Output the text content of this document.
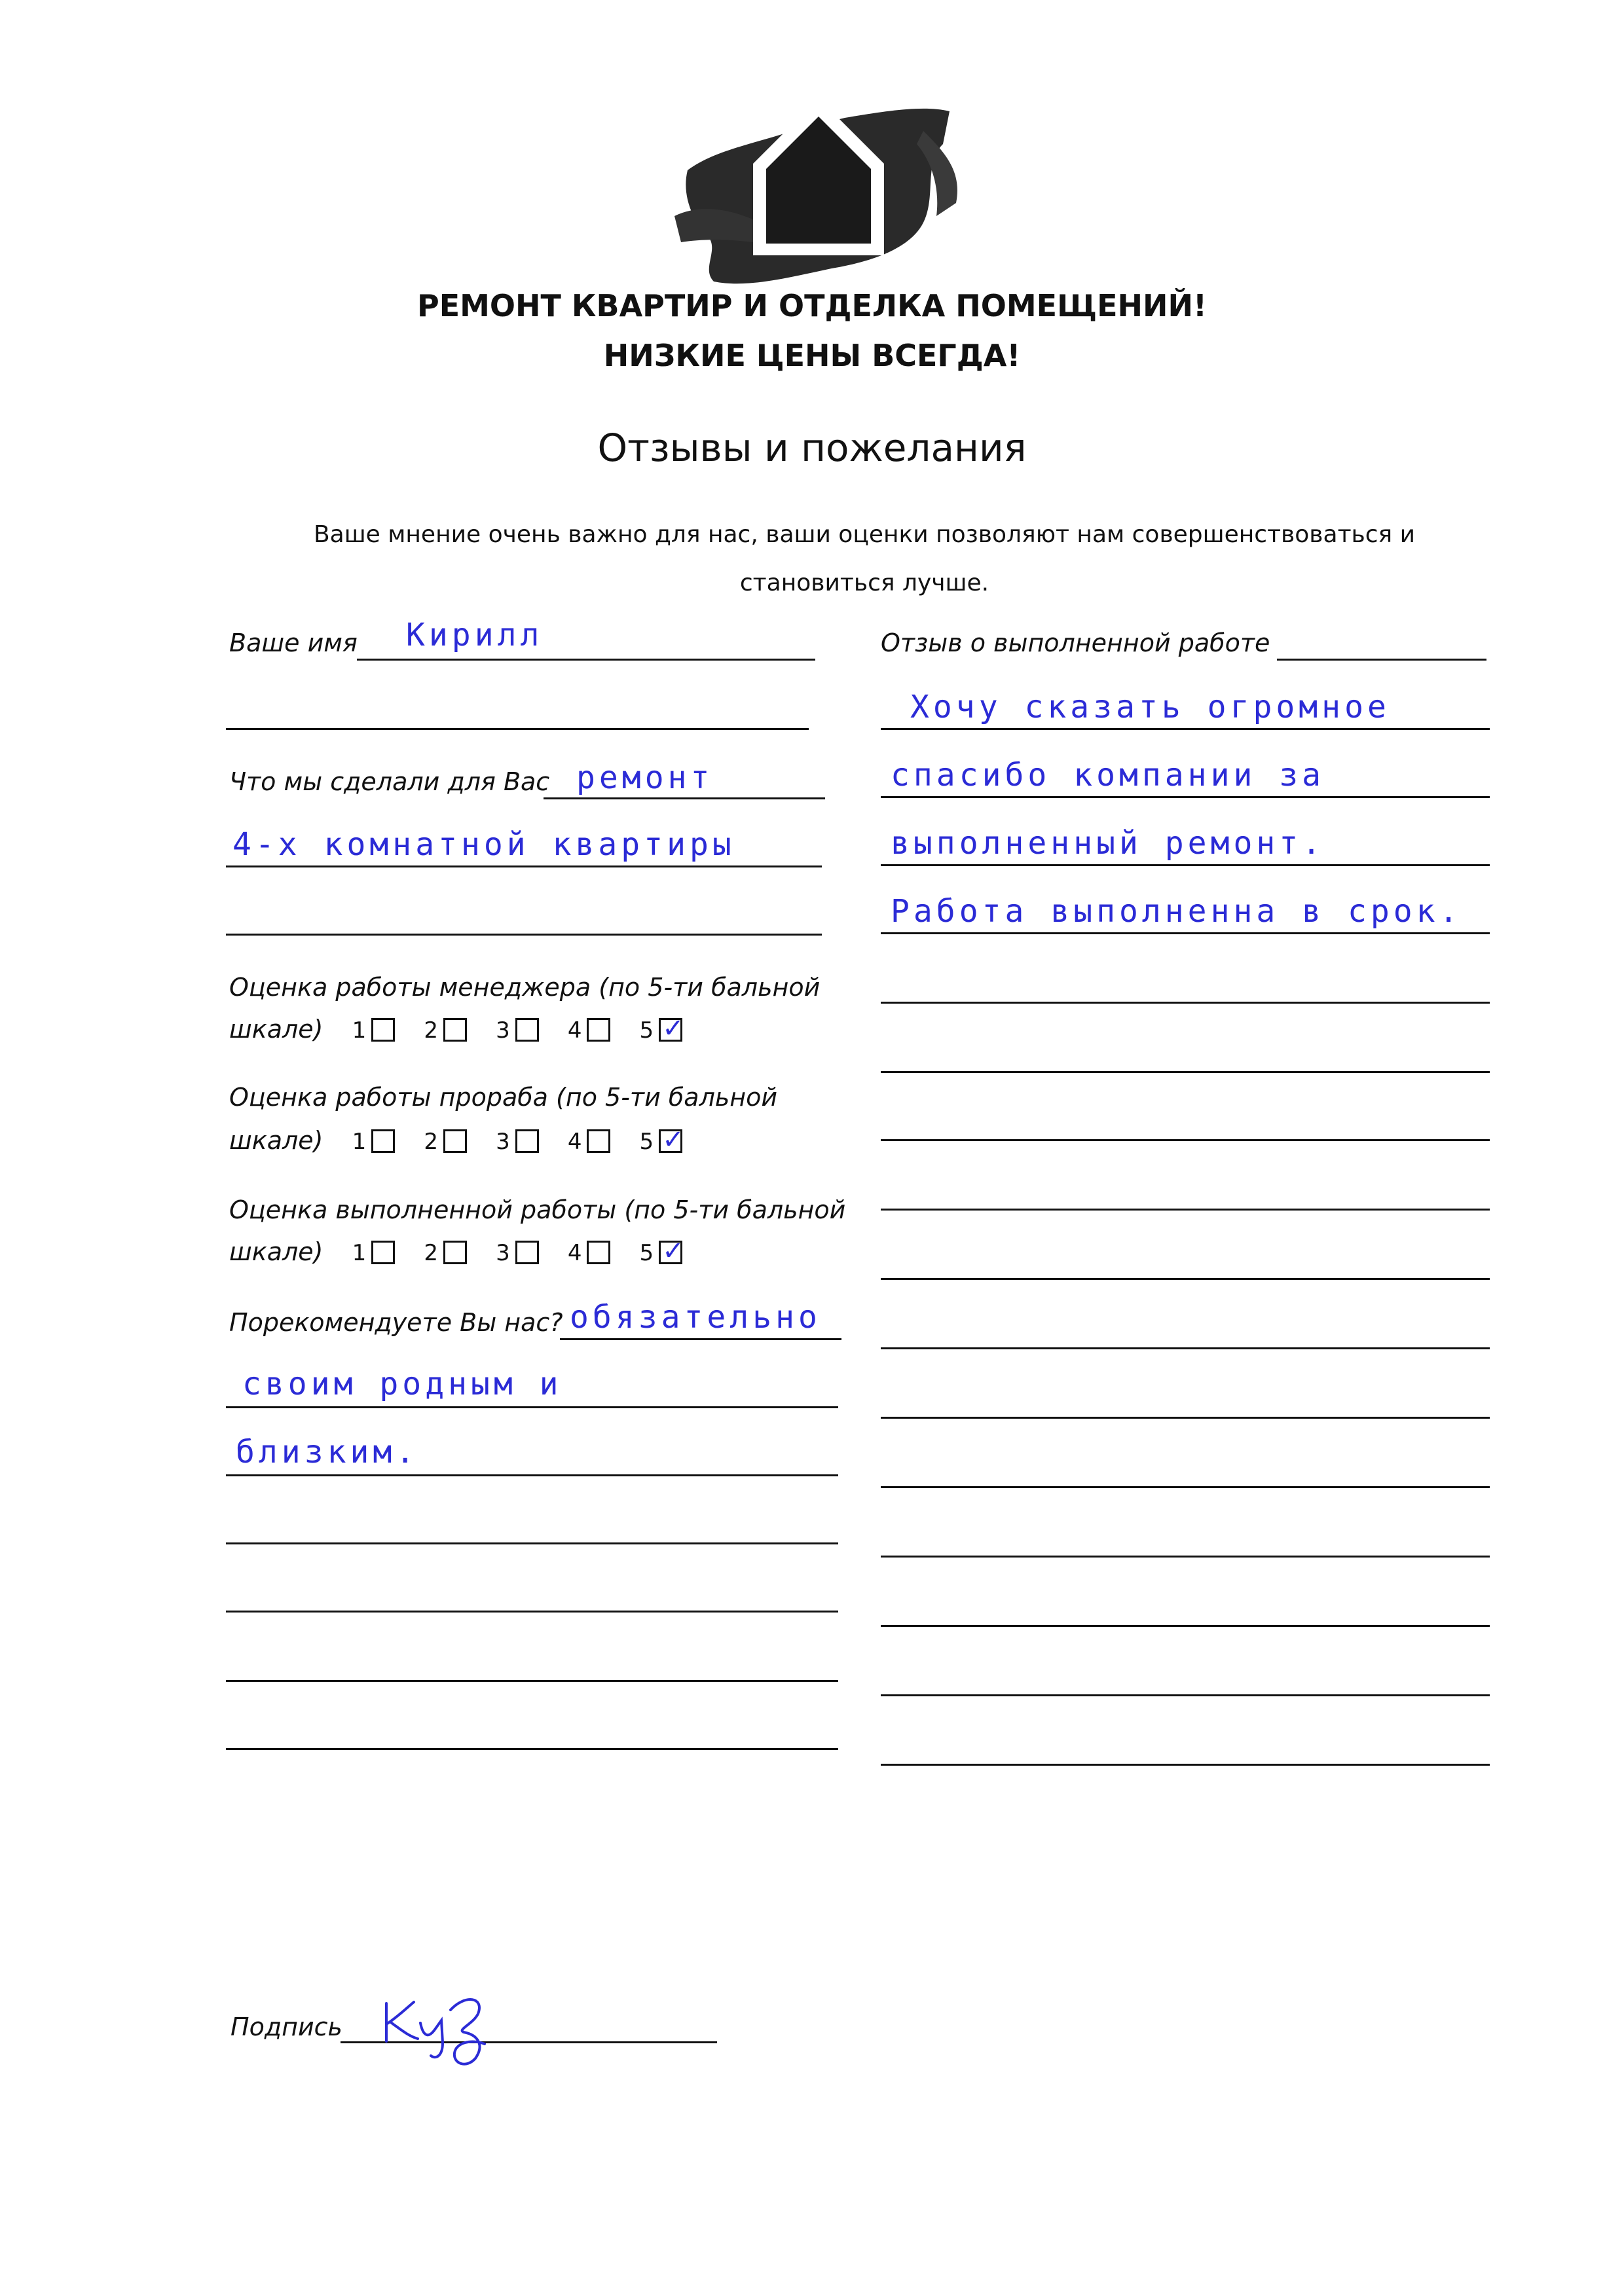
РЕМОНТ КВАРТИР И ОТДЕЛКА ПОМЕЩЕНИЙ!
НИЗКИЕ ЦЕНЫ ВСЕГДА!
Отзывы и пожелания
Ваше мнение очень важно для нас, ваши оценки позволяют нам совершенствоваться и
становиться лучше.
Ваше имя Кирилл
Что мы сделали для Вас ремонт
4-х комнатной квартиры
Оценка работы менеджера (по 5-ти бальной
шкале) 1	2	3	4	5✓
Оценка работы прораба (по 5-ти бальной
шкале) 1	2	3	4	5✓
Оценка выполненной работы (по 5-ти бальной
шкале) 1	2	3	4	5✓
Порекомендуете Вы нас? обязательно
своим родным и
близким.
Отзыв о выполненной работе
Хочу сказать огромное
спасибо компании за
выполненный ремонт.
Работа выполненна в срок.
Подпись
